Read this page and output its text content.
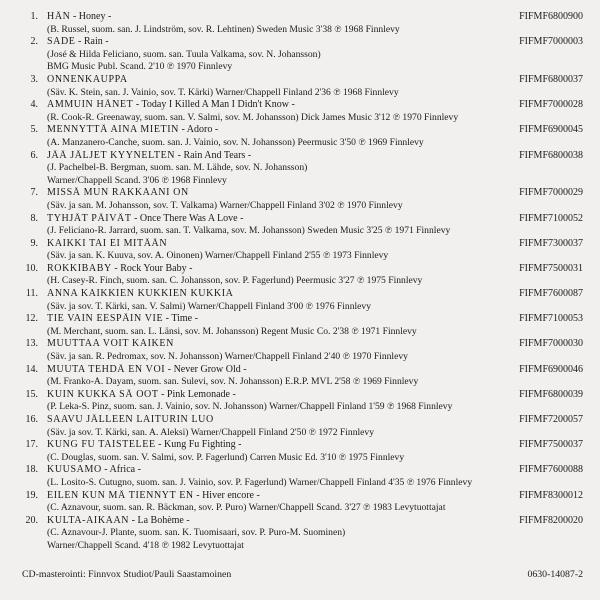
1. HÄN - Honey -	FIFMF6800900
(B. Russel, suom. san. J. Lindström, sov. R. Lehtinen) Sweden Music 3'38 ℗ 1968 Finnlevy
2. SADE - Rain -	FIFMF7000003
(José & Hilda Feliciano, suom. san. Tuula Valkama, sov. N. Johansson)
BMG Music Publ. Scand. 2'10 ℗ 1970 Finnlevy
3. ONNENKAUPPA	FIFMF6800037
(Säv. K. Stein, san. J. Vainio, sov. T. Kärki) Warner/Chappell Finland 2'36 ℗ 1968 Finnlevy
4. AMMUIN HÄNET - Today I Killed A Man I Didn't Know -	FIFMF7000028
(R. Cook-R. Greenaway, suom. san. V. Salmi, sov. M. Johansson) Dick James Music 3'12 ℗ 1970 Finnlevy
5. MENNYTTÄ AINA MIETIN - Adoro -	FIFMF6900045
(A. Manzanero-Canche, suom. san. J. Vainio, sov. N. Johansson) Peermusic 3'50 ℗ 1969 Finnlevy
6. JÄÄ JÄLJET KYYNELTEN - Rain And Tears -	FIFMF6800038
(J. Pachelbel-B. Bergman, suom. san. M. Lähde, sov. N. Johansson)
Warner/Chappell Scand. 3'06 ℗ 1968 Finnlevy
7. MISSÄ MUN RAKKAANI ON	FIFMF7000029
(Säv. ja san. M. Johansson, sov. T. Valkama) Warner/Chappell Finland 3'02 ℗ 1970 Finnlevy
8. TYHJÄT PÄIVÄT - Once There Was A Love -	FIFMF7100052
(J. Feliciano-R. Jarrard, suom. san. T. Valkama, sov. M. Johansson) Sweden Music 3'25 ℗ 1971 Finnlevy
9. KAIKKI TAI EI MITÄÄN	FIFMF7300037
(Säv. ja san. K. Kuuva, sov. A. Oinonen) Warner/Chappell Finland 2'55 ℗ 1973 Finnlevy
10. ROKKIBABY - Rock Your Baby -	FIFMF7500031
(H. Casey-R. Finch, suom. san. C. Johansson, sov. P. Fagerlund) Peermusic 3'27 ℗ 1975 Finnlevy
11. ANNA KAIKKIEN KUKKIEN KUKKIA	FIFMF7600087
(Säv. ja sov. T. Kärki, san. V. Salmi) Warner/Chappell Finland 3'00 ℗ 1976 Finnlevy
12. TIE VAIN EESPÄIN VIE - Time -	FIFMF7100053
(M. Merchant, suom. san. L. Länsi, sov. M. Johansson) Regent Music Co. 2'38 ℗ 1971 Finnlevy
13. MUUTTAA VOIT KAIKEN	FIFMF7000030
(Säv. ja san. R. Pedromax, sov. N. Johansson) Warner/Chappell Finland 2'40 ℗ 1970 Finnlevy
14. MUUTA TEHDÄ EN VOI - Never Grow Old -	FIFMF6900046
(M. Franko-A. Dayam, suom. san. Sulevi, sov. N. Johansson) E.R.P. MVL 2'58 ℗ 1969 Finnlevy
15. KUIN KUKKA SÄ OOT - Pink Lemonade -	FIFMF6800039
(P. Leka-S. Pinz, suom. san. J. Vainio, sov. N. Johansson) Warner/Chappell Finland 1'59 ℗ 1968 Finnlevy
16. SAAVU JÄLLEEN LAITURIN LUO	FIFMF7200057
(Säv. ja sov. T. Kärki, san. A. Aleksi) Warner/Chappell Finland 2'50 ℗ 1972 Finnlevy
17. KUNG FU TAISTELEE - Kung Fu Fighting -	FIFMF7500037
(C. Douglas, suom. san. V. Salmi, sov. P. Fagerlund) Carren Music Ed. 3'10 ℗ 1975 Finnlevy
18. KUUSAMO - Africa -	FIFMF7600088
(L. Losito-S. Cutugno, suom. san. J. Vainio, sov. P. Fagerlund) Warner/Chappell Finland 4'35 ℗ 1976 Finnlevy
19. EILEN KUN MÄ TIENNYT EN - Hiver encore -	FIFMF8300012
(C. Aznavour, suom. san. R. Bäckman, sov. P. Puro) Warner/Chappell Scand. 3'27 ℗ 1983 Levytuottajat
20. KULTA-AIKAAN - La Bohème -	FIFMF8200020
(C. Aznavour-J. Plante, suom. san. K. Tuomisaari, sov. P. Puro-M. Suominen)
Warner/Chappell Scand. 4'18 ℗ 1982 Levytuottajat
CD-masterointi: Finnvox Studiot/Pauli Saastamoinen	0630-14087-2
